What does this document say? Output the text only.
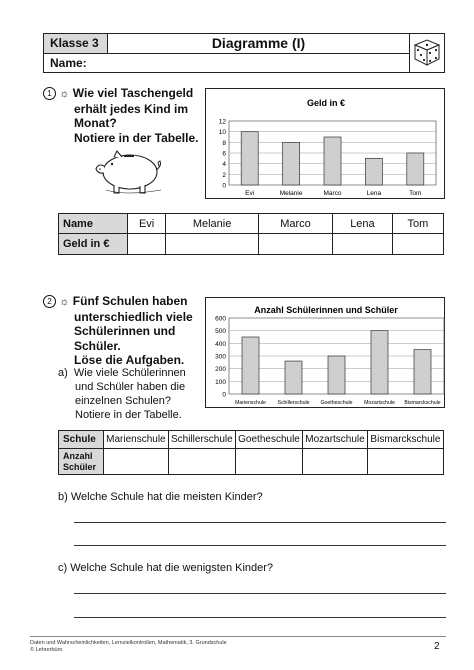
Klasse 3	Diagramme (I)
Name:
1 ☼ Wie viel Taschengeld
erhält jedes Kind im
Monat?
Notiere in der Tabelle.
Geld in €
0
2
4
6
8
10
12
Evi	Melanie	Marco	Lena	Tom
Name	Evi	Melanie	Marco	Lena	Tom
Geld in €					
2 ☼ Fünf Schulen haben
unterschiedlich viele
Schülerinnen und
Schüler.
Löse die Aufgaben.
a) Wie viele Schülerinnen
und Schüler haben die
einzelnen Schulen?
Notiere in der Tabelle.
Anzahl Schülerinnen und Schüler
0
100
200
300
400
500
600
Marienschule Schillerschule Goetheschule Mozartschule Bismarckschule
Schule	Marienschule	Schillerschule	Goetheschule	Mozartschule	Bismarckschule

Anzahl
Schüler					

b) Welche Schule hat die meisten Kinder?
c) Welche Schule hat die wenigsten Kinder?
Daten und Wahrscheinlichkeiten, Lernzielkontrollen, Mathematik, 3. Grundschule
© Lehrerbüro	2
